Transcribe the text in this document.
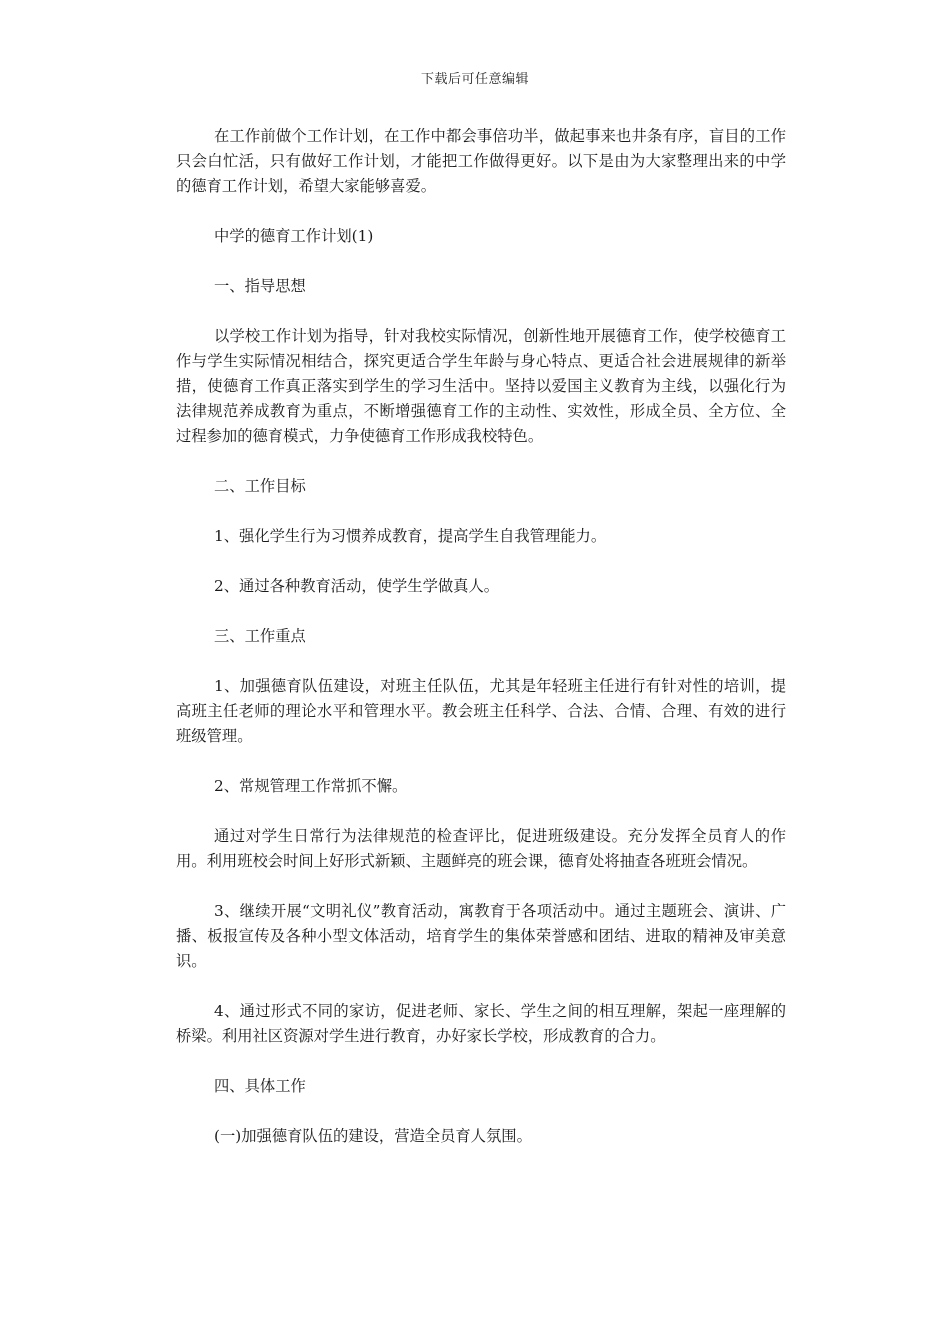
下载后可任意编辑

在工作前做个工作计划，在工作中都会事倍功半，做起事来也井条有序，盲目的工作只会白忙活，只有做好工作计划，才能把工作做得更好。以下是由为大家整理出来的中学的德育工作计划，希望大家能够喜爱。

中学的德育工作计划(1)

一、指导思想

以学校工作计划为指导，针对我校实际情况，创新性地开展德育工作，使学校德育工作与学生实际情况相结合，探究更适合学生年龄与身心特点、更适合社会进展规律的新举措，使德育工作真正落实到学生的学习生活中。坚持以爱国主义教育为主线，以强化行为法律规范养成教育为重点，不断增强德育工作的主动性、实效性，形成全员、全方位、全过程参加的德育模式，力争使德育工作形成我校特色。

二、工作目标

1、强化学生行为习惯养成教育，提高学生自我管理能力。

2、通过各种教育活动，使学生学做真人。

三、工作重点

1、加强德育队伍建设，对班主任队伍，尤其是年轻班主任进行有针对性的培训，提高班主任老师的理论水平和管理水平。教会班主任科学、合法、合情、合理、有效的进行班级管理。

2、常规管理工作常抓不懈。

通过对学生日常行为法律规范的检查评比，促进班级建设。充分发挥全员育人的作用。利用班校会时间上好形式新颖、主题鲜亮的班会课，德育处将抽查各班班会情况。

3、继续开展“文明礼仪”教育活动，寓教育于各项活动中。通过主题班会、演讲、广播、板报宣传及各种小型文体活动，培育学生的集体荣誉感和团结、进取的精神及审美意识。

4、通过形式不同的家访，促进老师、家长、学生之间的相互理解，架起一座理解的桥梁。利用社区资源对学生进行教育，办好家长学校，形成教育的合力。

四、具体工作

(一)加强德育队伍的建设，营造全员育人氛围。
